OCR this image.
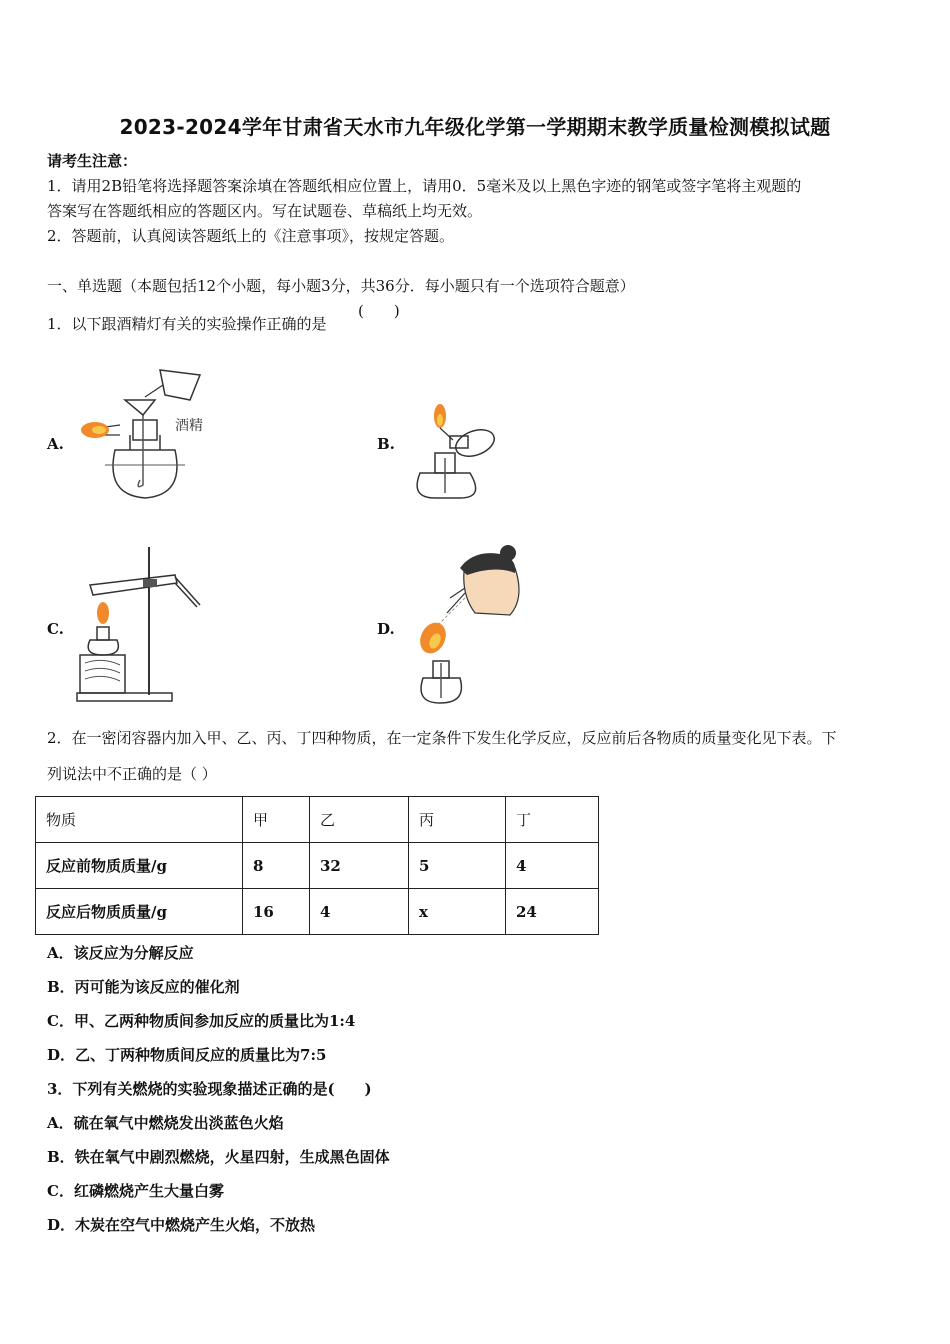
2023-2024学年甘肃省天水市九年级化学第一学期期末教学质量检测模拟试题
请考生注意：
1．请用2B铅笔将选择题答案涂填在答题纸相应位置上，请用0．5毫米及以上黑色字迹的钢笔或签字笔将主观题的
答案写在答题纸相应的答题区内。写在试题卷、草稿纸上均无效。
2．答题前，认真阅读答题纸上的《注意事项》，按规定答题。
一、单选题（本题包括12个小题，每小题3分，共36分．每小题只有一个选项符合题意）
1．以下跟酒精灯有关的实验操作正确的是
(　　)
A.
酒精
B.
C.	D.
2．在一密闭容器内加入甲、乙、丙、丁四种物质，在一定条件下发生化学反应，反应前后各物质的质量变化见下表。下
列说法中不正确的是（ ）
物质	甲	乙	丙	丁
反应前物质质量/g	8	32	5	4
反应后物质质量/g	16	4	x	24
A．该反应为分解反应
B．丙可能为该反应的催化剂
C．甲、乙两种物质间参加反应的质量比为1:4
D．乙、丁两种物质间反应的质量比为7:5
3．下列有关燃烧的实验现象描述正确的是(　　)
A．硫在氧气中燃烧发出淡蓝色火焰
B．铁在氧气中剧烈燃烧，火星四射，生成黑色固体
C．红磷燃烧产生大量白雾
D．木炭在空气中燃烧产生火焰，不放热
